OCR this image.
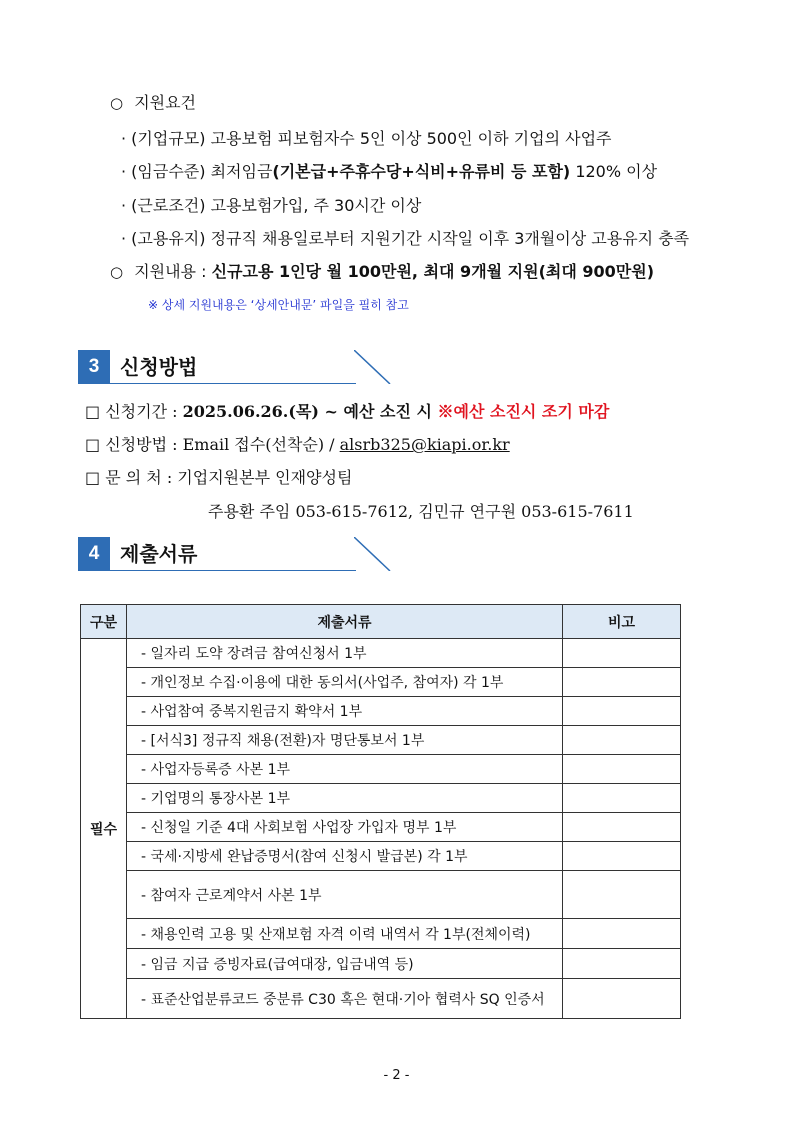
○ 지원요건
· (기업규모) 고용보험 피보험자수 5인 이상 500인 이하 기업의 사업주
· (임금수준) 최저임금(기본급+주휴수당+식비+유류비 등 포함) 120% 이상
· (근로조건) 고용보험가입, 주 30시간 이상
· (고용유지) 정규직 채용일로부터 지원기간 시작일 이후 3개월이상 고용유지 충족
○ 지원내용 : 신규고용 1인당 월 100만원, 최대 9개월 지원(최대 900만원)
※ 상세 지원내용은 ‘상세안내문’ 파일을 필히 참고
3	신청방법
□ 신청기간 : 2025.06.26.(목) ~ 예산 소진 시 ※예산 소진시 조기 마감
□ 신청방법 : Email 접수(선착순) / alsrb325@kiapi.or.kr
□ 문 의 처 : 기업지원본부 인재양성팀
주용환 주임 053-615-7612, 김민규 연구원 053-615-7611
4	제출서류
구분	제출서류	비고
필수	- 일자리 도약 장려금 참여신청서 1부	
	- 개인정보 수집·이용에 대한 동의서(사업주, 참여자) 각 1부	
	- 사업참여 중복지원금지 확약서 1부	
	- [서식3] 정규직 채용(전환)자 명단통보서 1부	
	- 사업자등록증 사본 1부	
	- 기업명의 통장사본 1부	
	- 신청일 기준 4대 사회보험 사업장 가입자 명부 1부	
	- 국세·지방세 완납증명서(참여 신청시 발급본) 각 1부	
	- 참여자 근로계약서 사본 1부	
	- 채용인력 고용 및 산재보험 자격 이력 내역서 각 1부(전체이력)	
	- 임금 지급 증빙자료(급여대장, 입금내역 등)	
	- 표준산업분류코드 중분류 C30 혹은 현대·기아 협력사 SQ 인증서	
- 2 -
